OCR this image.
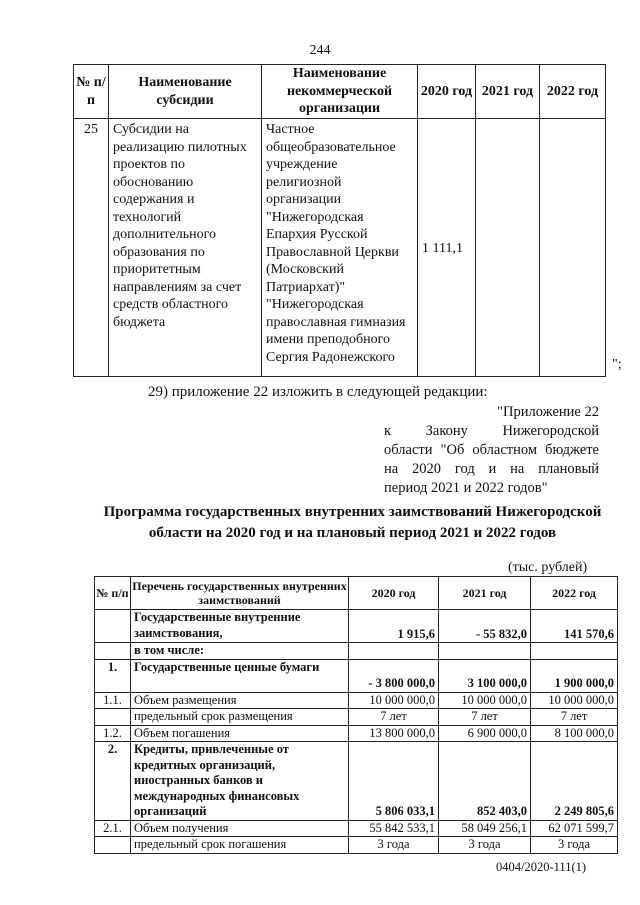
244
№ п/п	Наименование субсидии	Наименование некоммерческой организации	2020 год	2021 год	2022 год
25	Субсидии на реализацию пилотных проектов по обоснованию содержания и технологий дополнительного образования по приоритетным направлениям за счет средств областного бюджета	Частное общеобразовательное учреждение религиозной организации "Нижегородская Епархия Русской Православной Церкви (Московский Патриархат)" "Нижегородская православная гимназия имени преподобного Сергия Радонежского	1 111,1		
";
29) приложение 22 изложить в следующей редакции:
"Приложение 22
к Закону Нижегородской
области "Об областном бюджете
на 2020 год и на плановый
период 2021 и 2022 годов"
Программа государственных внутренних заимствований Нижегородской области на 2020 год и на плановый период 2021 и 2022 годов
(тыс. рублей)
№ п/п	Перечень государственных внутренних заимствований	2020 год	2021 год	2022 год
	Государственные внутренние заимствования,	1 915,6	- 55 832,0	141 570,6
	в том числе:			
1.	Государственные ценные бумаги	- 3 800 000,0	3 100 000,0	1 900 000,0
1.1.	Объем размещения	10 000 000,0	10 000 000,0	10 000 000,0
	предельный срок размещения	7 лет	7 лет	7 лет
1.2.	Объем погашения	13 800 000,0	6 900 000,0	8 100 000,0
2.	Кредиты, привлеченные от кредитных организаций, иностранных банков и международных финансовых организаций	5 806 033,1	852 403,0	2 249 805,6
2.1.	Объем получения	55 842 533,1	58 049 256,1	62 071 599,7
	предельный срок погашения	3 года	3 года	3 года
0404/2020-111(1)
